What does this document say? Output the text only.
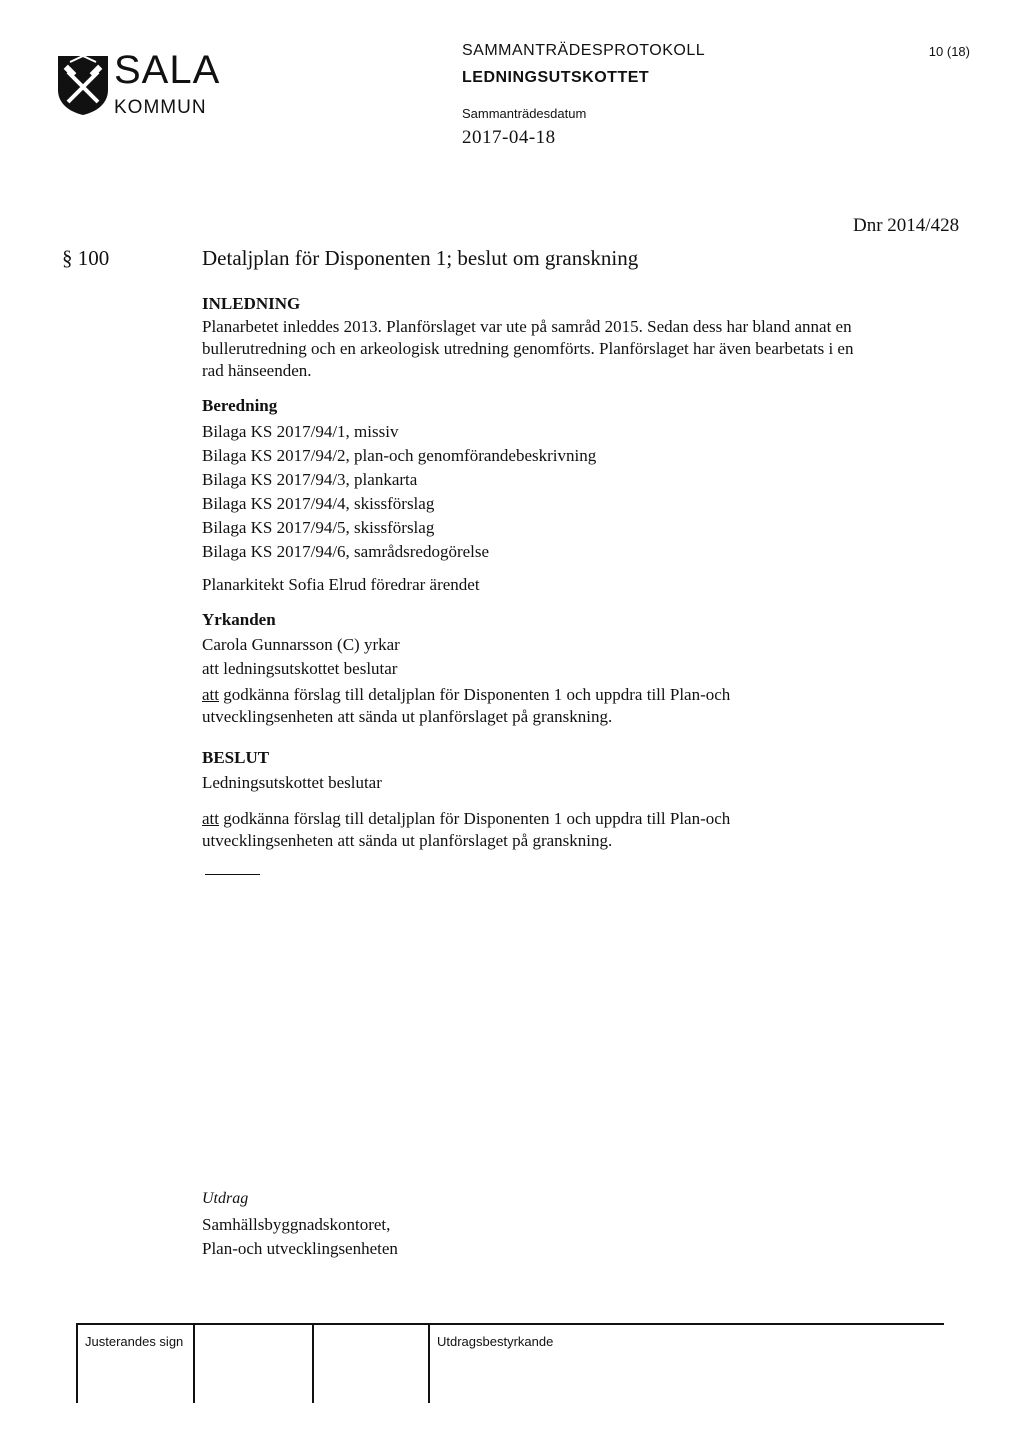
SALA
KOMMUN
SAMMANTRÄDESPROTOKOLL
LEDNINGSUTSKOTTET
Sammanträdesdatum
2017-04-18
10 (18)
Dnr 2014/428
§ 100	Detaljplan för Disponenten 1; beslut om granskning
INLEDNING
Planarbetet inleddes 2013. Planförslaget var ute på samråd 2015. Sedan dess har bland annat en bullerutredning och en arkeologisk utredning genomförts. Planförslaget har även bearbetats i en rad hänseenden.
Beredning
Bilaga KS 2017/94/1, missiv
Bilaga KS 2017/94/2, plan-och genomförandebeskrivning
Bilaga KS 2017/94/3, plankarta
Bilaga KS 2017/94/4, skissförslag
Bilaga KS 2017/94/5, skissförslag
Bilaga KS 2017/94/6, samrådsredogörelse
Planarkitekt Sofia Elrud föredrar ärendet
Yrkanden
Carola Gunnarsson (C) yrkar
att ledningsutskottet beslutar
att godkänna förslag till detaljplan för Disponenten 1 och uppdra till Plan-och utvecklingsenheten att sända ut planförslaget på granskning.
BESLUT
Ledningsutskottet beslutar
att godkänna förslag till detaljplan för Disponenten 1 och uppdra till Plan-och utvecklingsenheten att sända ut planförslaget på granskning.
Utdrag
Samhällsbyggnadskontoret,
Plan-och utvecklingsenheten
Justerandes sign	Utdragsbestyrkande
